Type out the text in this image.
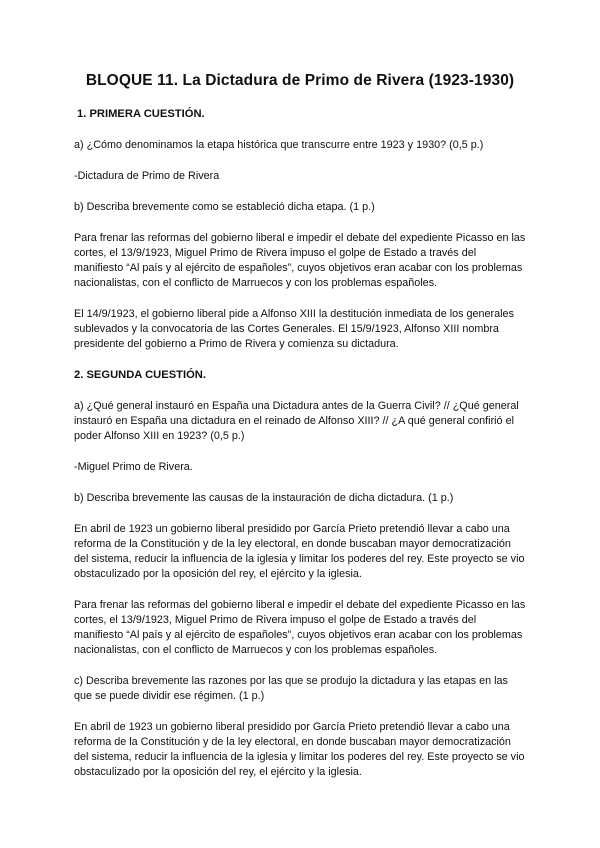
BLOQUE 11. La Dictadura de Primo de Rivera (1923-1930)
1. PRIMERA CUESTIÓN.

a) ¿Cómo denominamos la etapa histórica que transcurre entre 1923 y 1930? (0,5 p.)

-Dictadura de Primo de Rivera

b) Describa brevemente como se estableció dicha etapa. (1 p.)

Para frenar las reformas del gobierno liberal e impedir el debate del expediente Picasso en las cortes, el 13/9/1923, Miguel Primo de Rivera impuso el golpe de Estado a través del manifiesto “Al país y al ejército de españoles”, cuyos objetivos eran acabar con los problemas nacionalistas, con el conflicto de Marruecos y con los problemas españoles.

El 14/9/1923, el gobierno liberal pide a Alfonso XIII la destitución inmediata de los generales sublevados y la convocatoria de las Cortes Generales. El 15/9/1923, Alfonso XIII nombra presidente del gobierno a Primo de Rivera y comienza su dictadura.

2. SEGUNDA CUESTIÓN.

a) ¿Qué general instauró en España una Dictadura antes de la Guerra Civil? // ¿Qué general instauró en España una dictadura en el reinado de Alfonso XIII? // ¿A qué general confirió el poder Alfonso XIII en 1923? (0,5 p.)

-Miguel Primo de Rivera.

b) Describa brevemente las causas de la instauración de dicha dictadura. (1 p.)

En abril de 1923 un gobierno liberal presidido por García Prieto pretendió llevar a cabo una reforma de la Constitución y de la ley electoral, en donde buscaban mayor democratización del sistema, reducir la influencia de la iglesia y limitar los poderes del rey. Este proyecto se vio obstaculizado por la oposición del rey, el ejército y la iglesia.

Para frenar las reformas del gobierno liberal e impedir el debate del expediente Picasso en las cortes, el 13/9/1923, Miguel Primo de Rivera impuso el golpe de Estado a través del manifiesto “Al país y al ejército de españoles”, cuyos objetivos eran acabar con los problemas nacionalistas, con el conflicto de Marruecos y con los problemas españoles.

c) Describa brevemente las razones por las que se produjo la dictadura y las etapas en las que se puede dividir ese régimen. (1 p.)

En abril de 1923 un gobierno liberal presidido por García Prieto pretendió llevar a cabo una reforma de la Constitución y de la ley electoral, en donde buscaban mayor democratización del sistema, reducir la influencia de la iglesia y limitar los poderes del rey. Este proyecto se vio obstaculizado por la oposición del rey, el ejército y la iglesia.
